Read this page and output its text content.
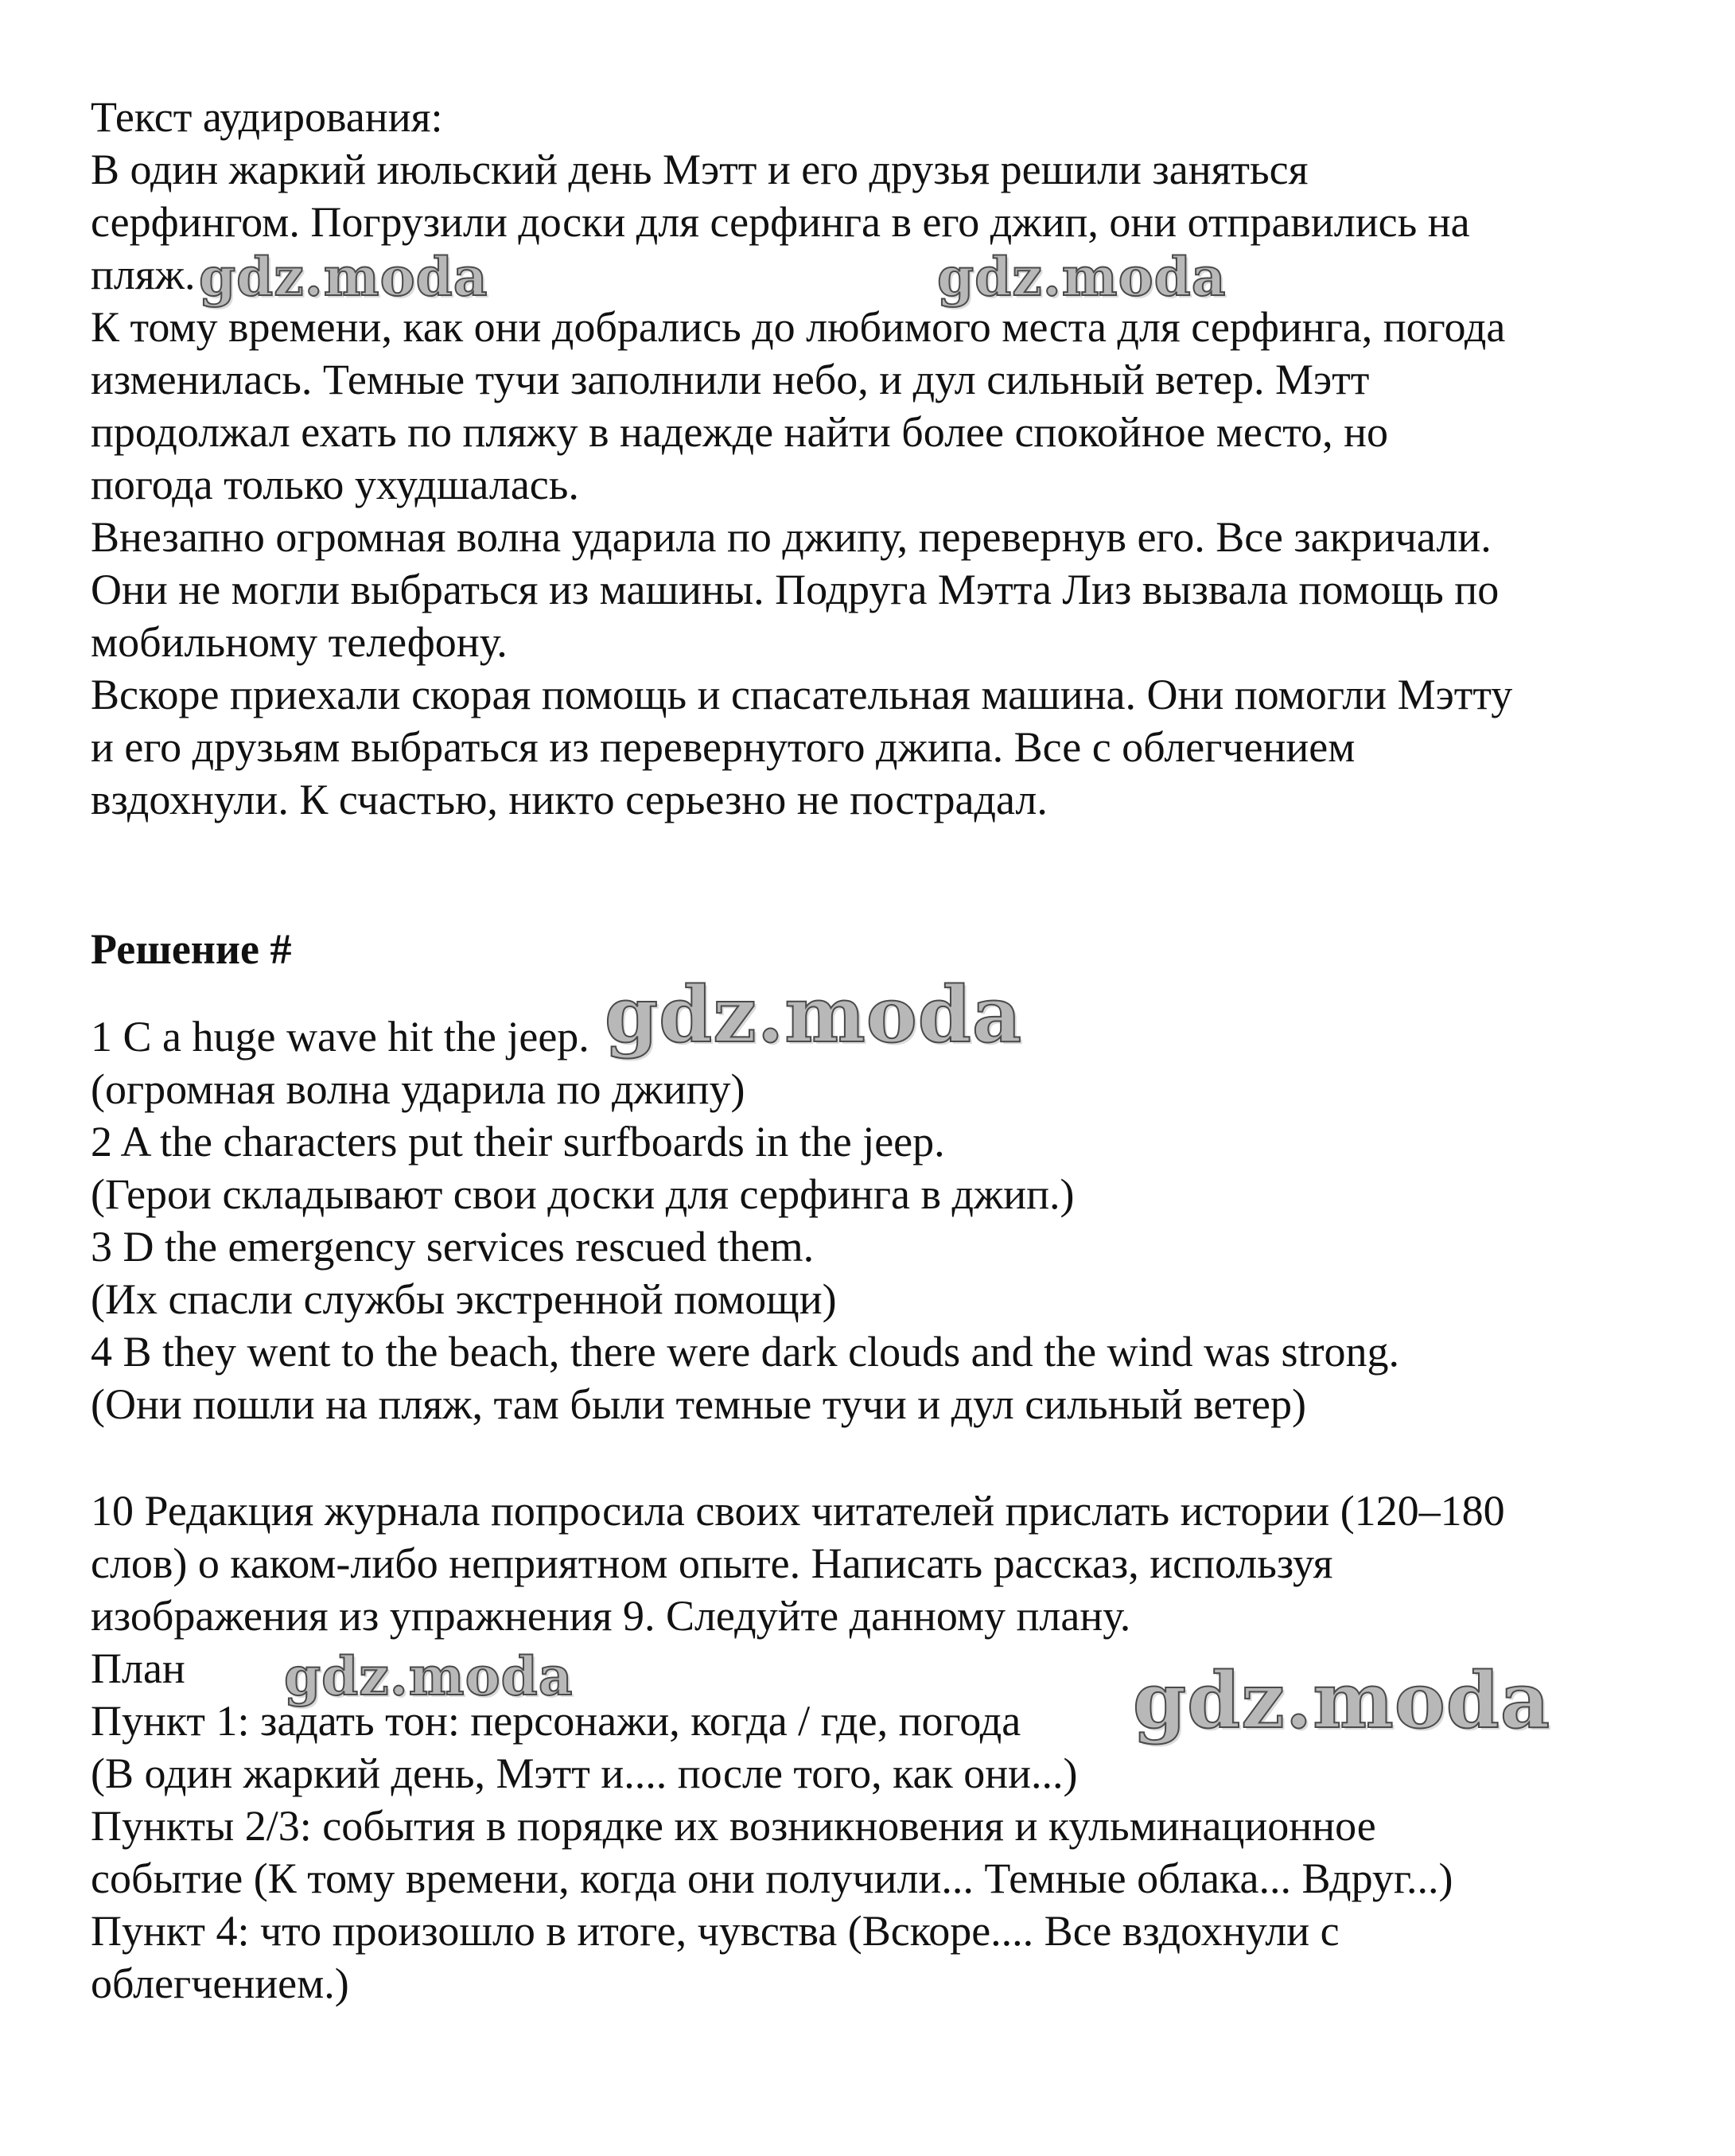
Текст аудирования:
В один жаркий июльский день Мэтт и его друзья решили заняться
серфингом. Погрузили доски для серфинга в его джип, они отправились на
пляж.
К тому времени, как они добрались до любимого места для серфинга, погода
изменилась. Темные тучи заполнили небо, и дул сильный ветер. Мэтт
продолжал ехать по пляжу в надежде найти более спокойное место, но
погода только ухудшалась.
Внезапно огромная волна ударила по джипу, перевернув его. Все закричали.
Они не могли выбраться из машины. Подруга Мэтта Лиз вызвала помощь по
мобильному телефону.
Вскоре приехали скорая помощь и спасательная машина. Они помогли Мэтту
и его друзьям выбраться из перевернутого джипа. Все с облегчением
вздохнули. К счастью, никто серьезно не пострадал.
Решение #
1 C a huge wave hit the jeep.
(огромная волна ударила по джипу)
2 A the characters put their surfboards in the jeep.
(Герои складывают свои доски для серфинга в джип.)
3 D the emergency services rescued them.
(Их спасли службы экстренной помощи)
4 B they went to the beach, there were dark clouds and the wind was strong.
(Они пошли на пляж, там были темные тучи и дул сильный ветер)
10 Редакция журнала попросила своих читателей прислать истории (120–180
слов) о каком-либо неприятном опыте. Написать рассказ, используя
изображения из упражнения 9. Следуйте данному плану.
План
Пункт 1: задать тон: персонажи, когда / где, погода
(В один жаркий день, Мэтт и.... после того, как они...)
Пункты 2/3: события в порядке их возникновения и кульминационное
событие (К тому времени, когда они получили... Темные облака... Вдруг...)
Пункт 4: что произошло в итоге, чувства (Вскоре.... Все вздохнули с
облегчением.)
gdz.moda	gdz.moda
gdz.moda
gdz.moda	gdz.moda
